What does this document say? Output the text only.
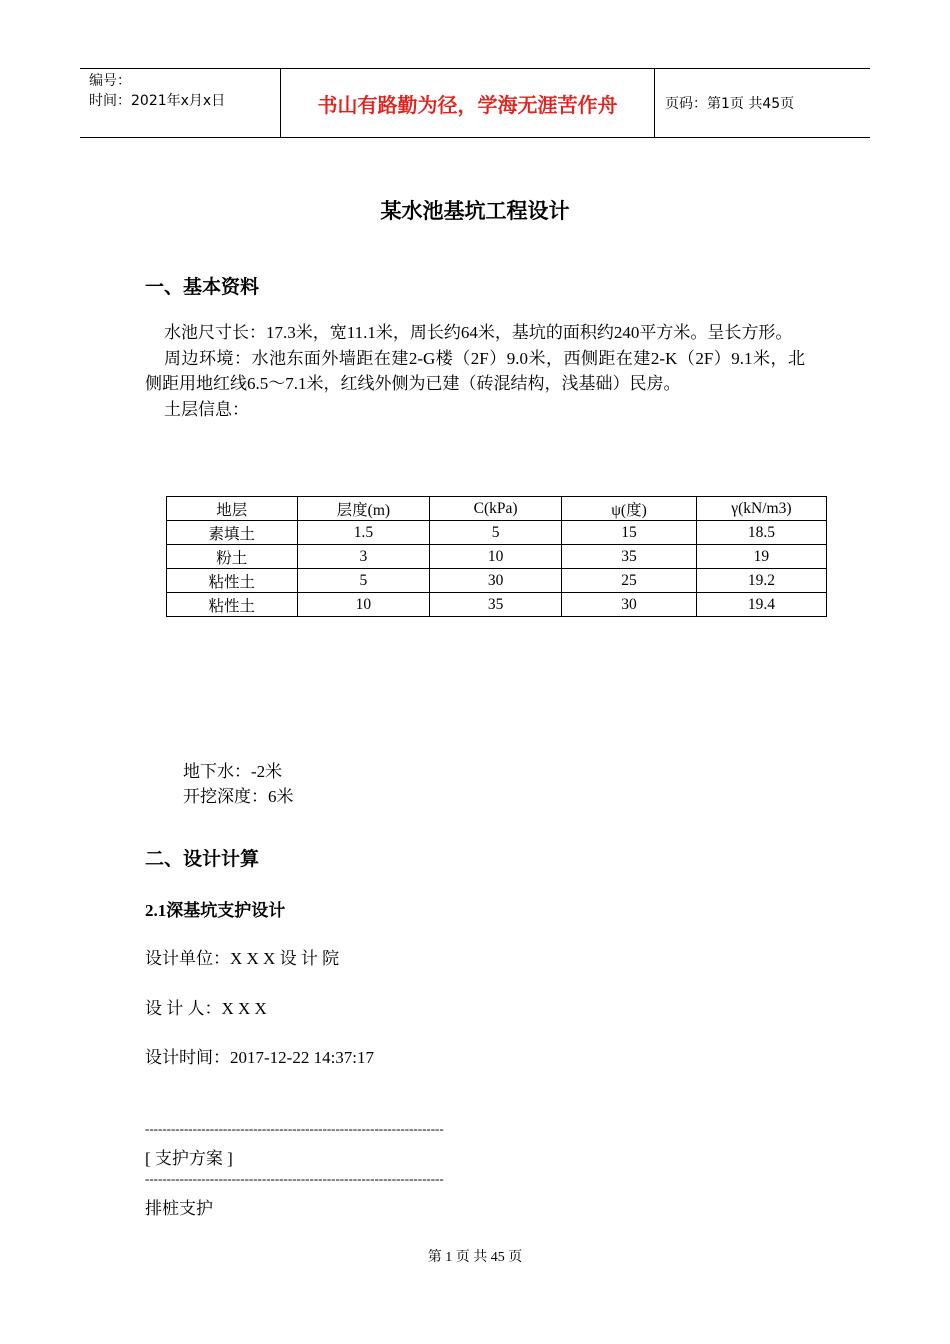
编号：
时间：2021年x月x日	书山有路勤为径，学海无涯苦作舟	页码：第1页 共45页
某水池基坑工程设计
一、基本资料

水池尺寸长：17.3米，宽11.1米，周长约64米，基坑的面积约240平方米。呈长方形。

周边环境：水池东面外墙距在建2-G楼（2F）9.0米，西侧距在建2-K（2F）9.1米，北侧距用地红线6.5～7.1米，红线外侧为已建（砖混结构，浅基础）民房。

土层信息：

地层	层度(m)	C(kPa)	ψ(度)	γ(kN/m3)
素填土	1.5	5	15	18.5
粉土	3	10	35	19
粘性土	5	30	25	19.2
粘性土	10	35	30	19.4
地下水：-2米
开挖深度：6米
二、设计计算
2.1深基坑支护设计
设计单位：X X X 设 计 院
设 计 人：X X X
设计时间：2017-12-22 14:37:17
---------------------------------------------------------------------
[ 支护方案 ]
---------------------------------------------------------------------
排桩支护
第 1 页 共 45 页
